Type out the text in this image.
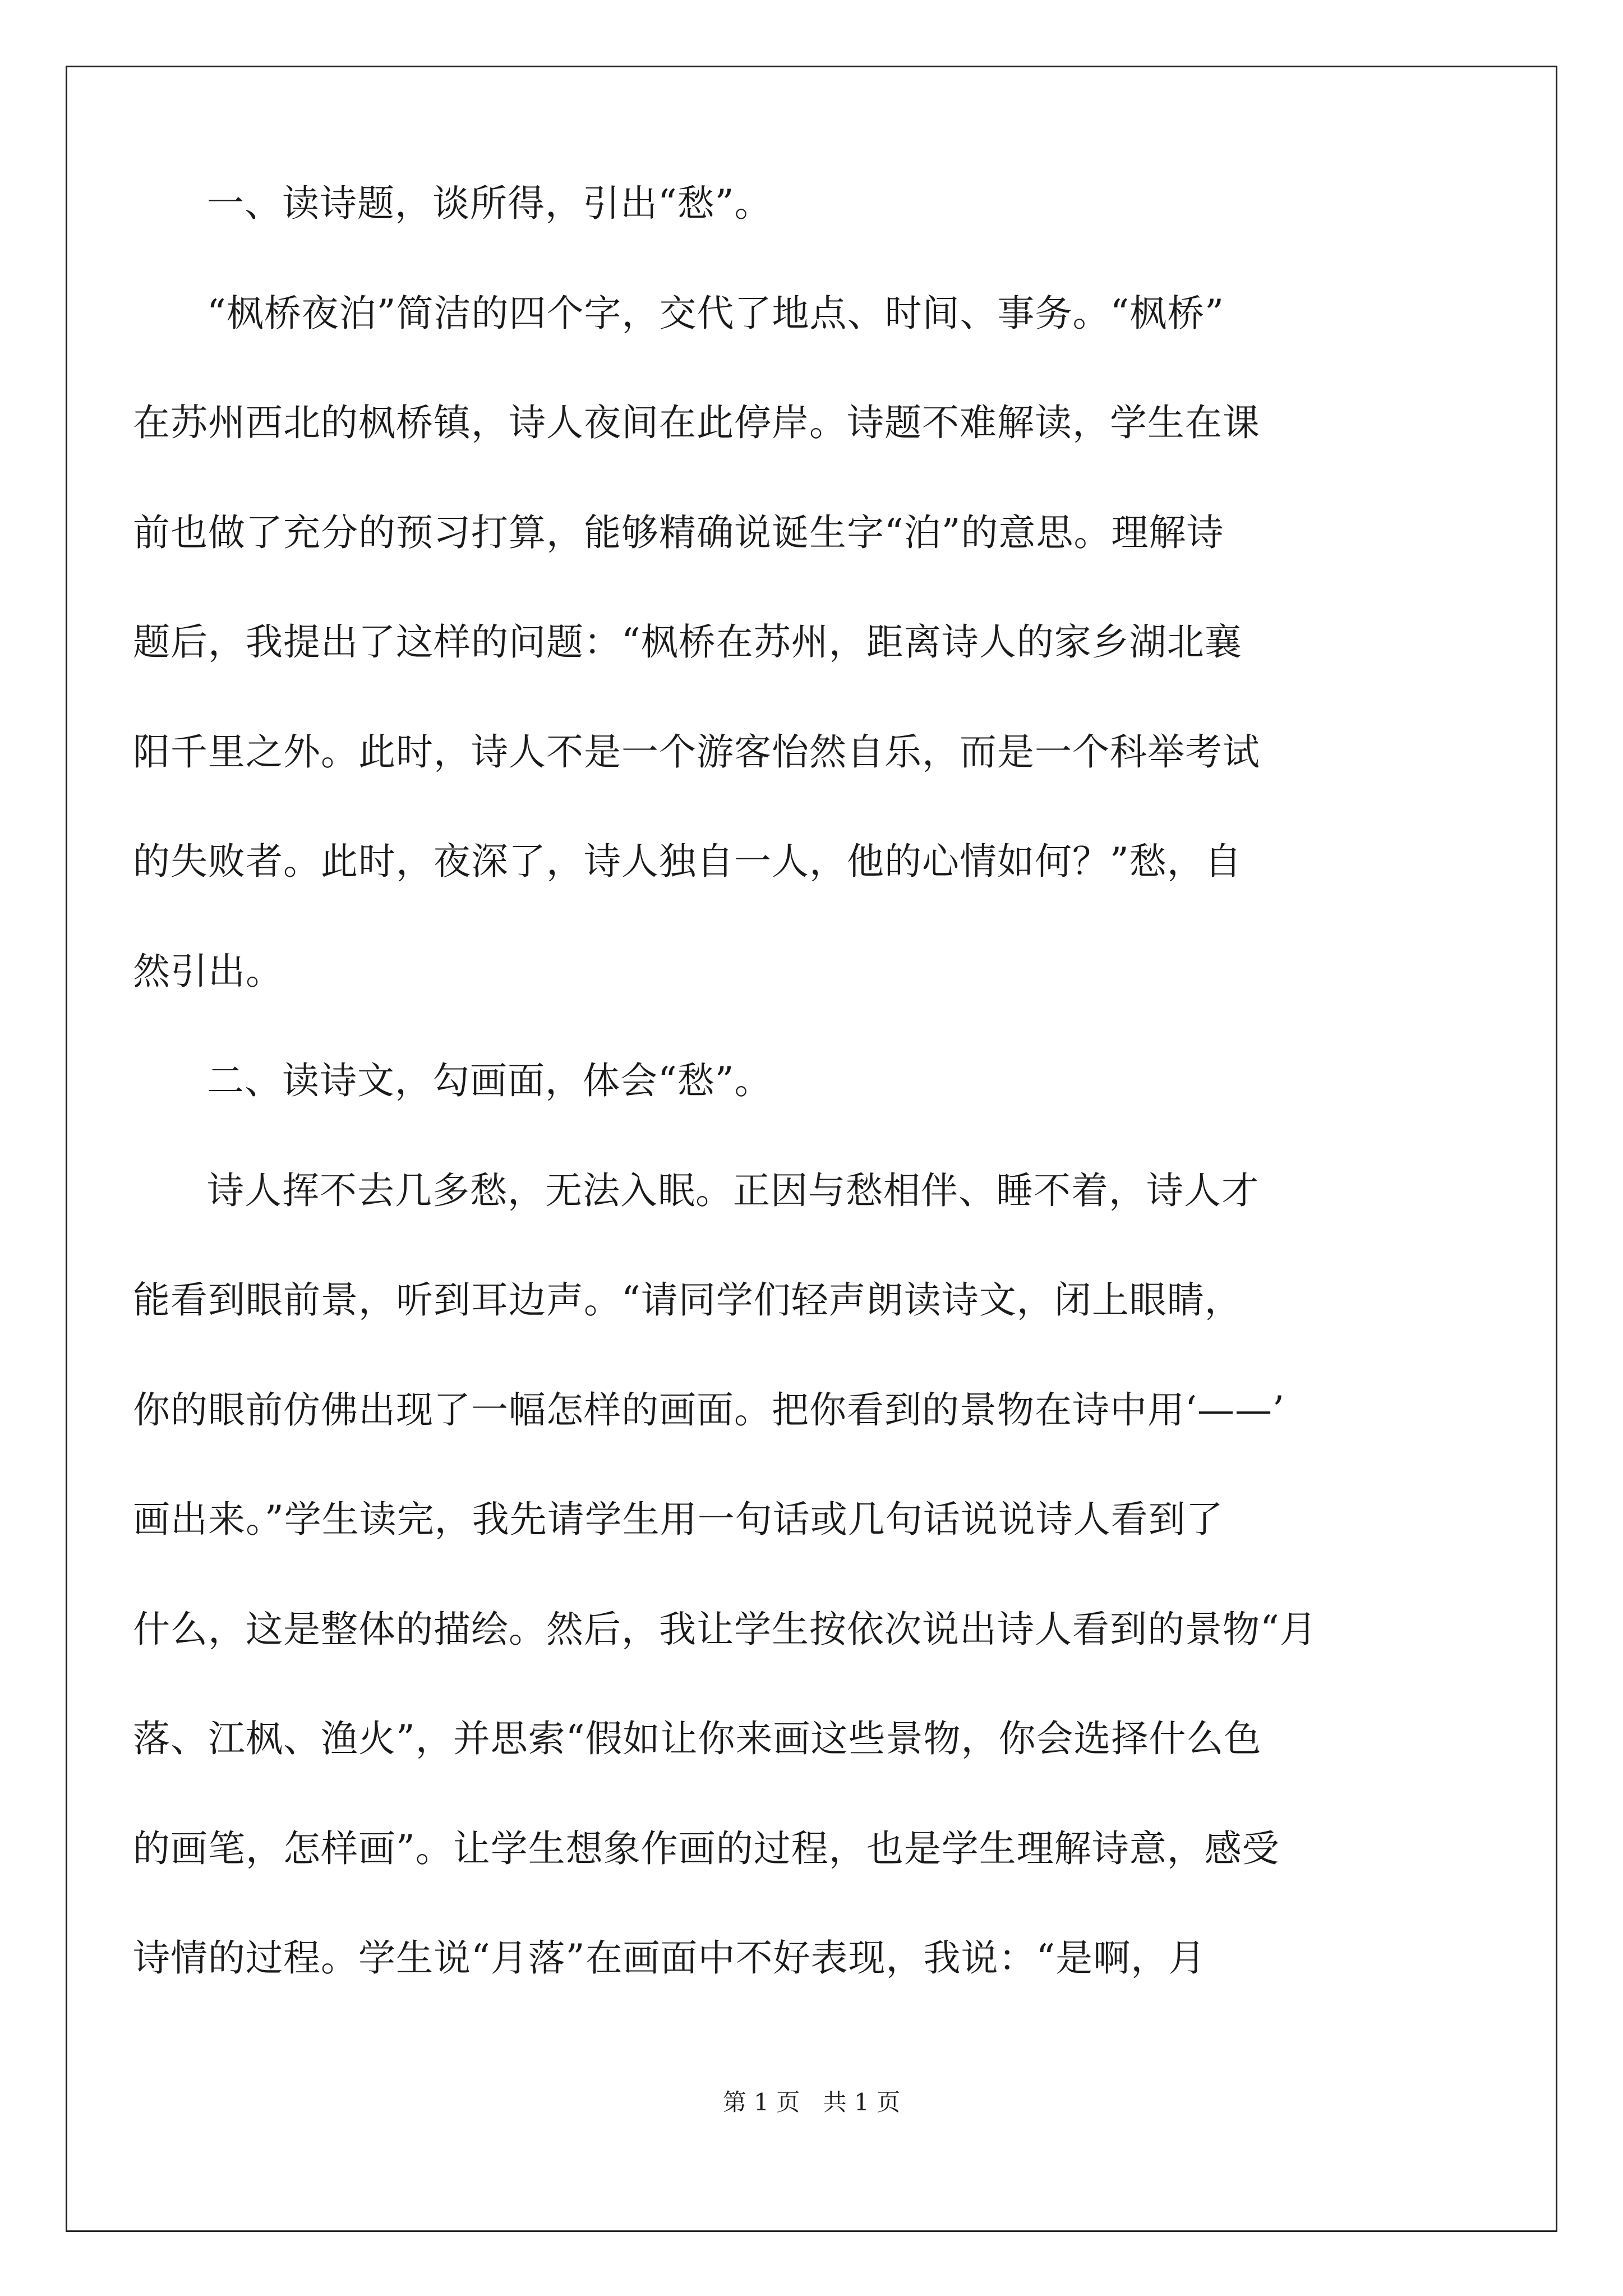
一、读诗题，谈所得，引出“愁”。
“枫桥夜泊”简洁的四个字，交代了地点、时间、事务。“枫桥”
在苏州西北的枫桥镇，诗人夜间在此停岸。诗题不难解读，学生在课
前也做了充分的预习打算，能够精确说诞生字“泊”的意思。理解诗
题后，我提出了这样的问题：“枫桥在苏州，距离诗人的家乡湖北襄
阳千里之外。此时，诗人不是一个游客怡然自乐，而是一个科举考试
的失败者。此时，夜深了，诗人独自一人，他的心情如何？”愁，自
然引出。
二、读诗文，勾画面，体会“愁”。
诗人挥不去几多愁，无法入眠。正因与愁相伴、睡不着，诗人才
能看到眼前景，听到耳边声。“请同学们轻声朗读诗文，闭上眼睛，
你的眼前仿佛出现了一幅怎样的画面。把你看到的景物在诗中用‘——’
画出来。”学生读完，我先请学生用一句话或几句话说说诗人看到了
什么，这是整体的描绘。然后，我让学生按依次说出诗人看到的景物“月
落、江枫、渔火”，并思索“假如让你来画这些景物，你会选择什么色
的画笔，怎样画”。让学生想象作画的过程，也是学生理解诗意，感受
诗情的过程。学生说“月落”在画面中不好表现，我说：“是啊，月
第 1 页 共 1 页
